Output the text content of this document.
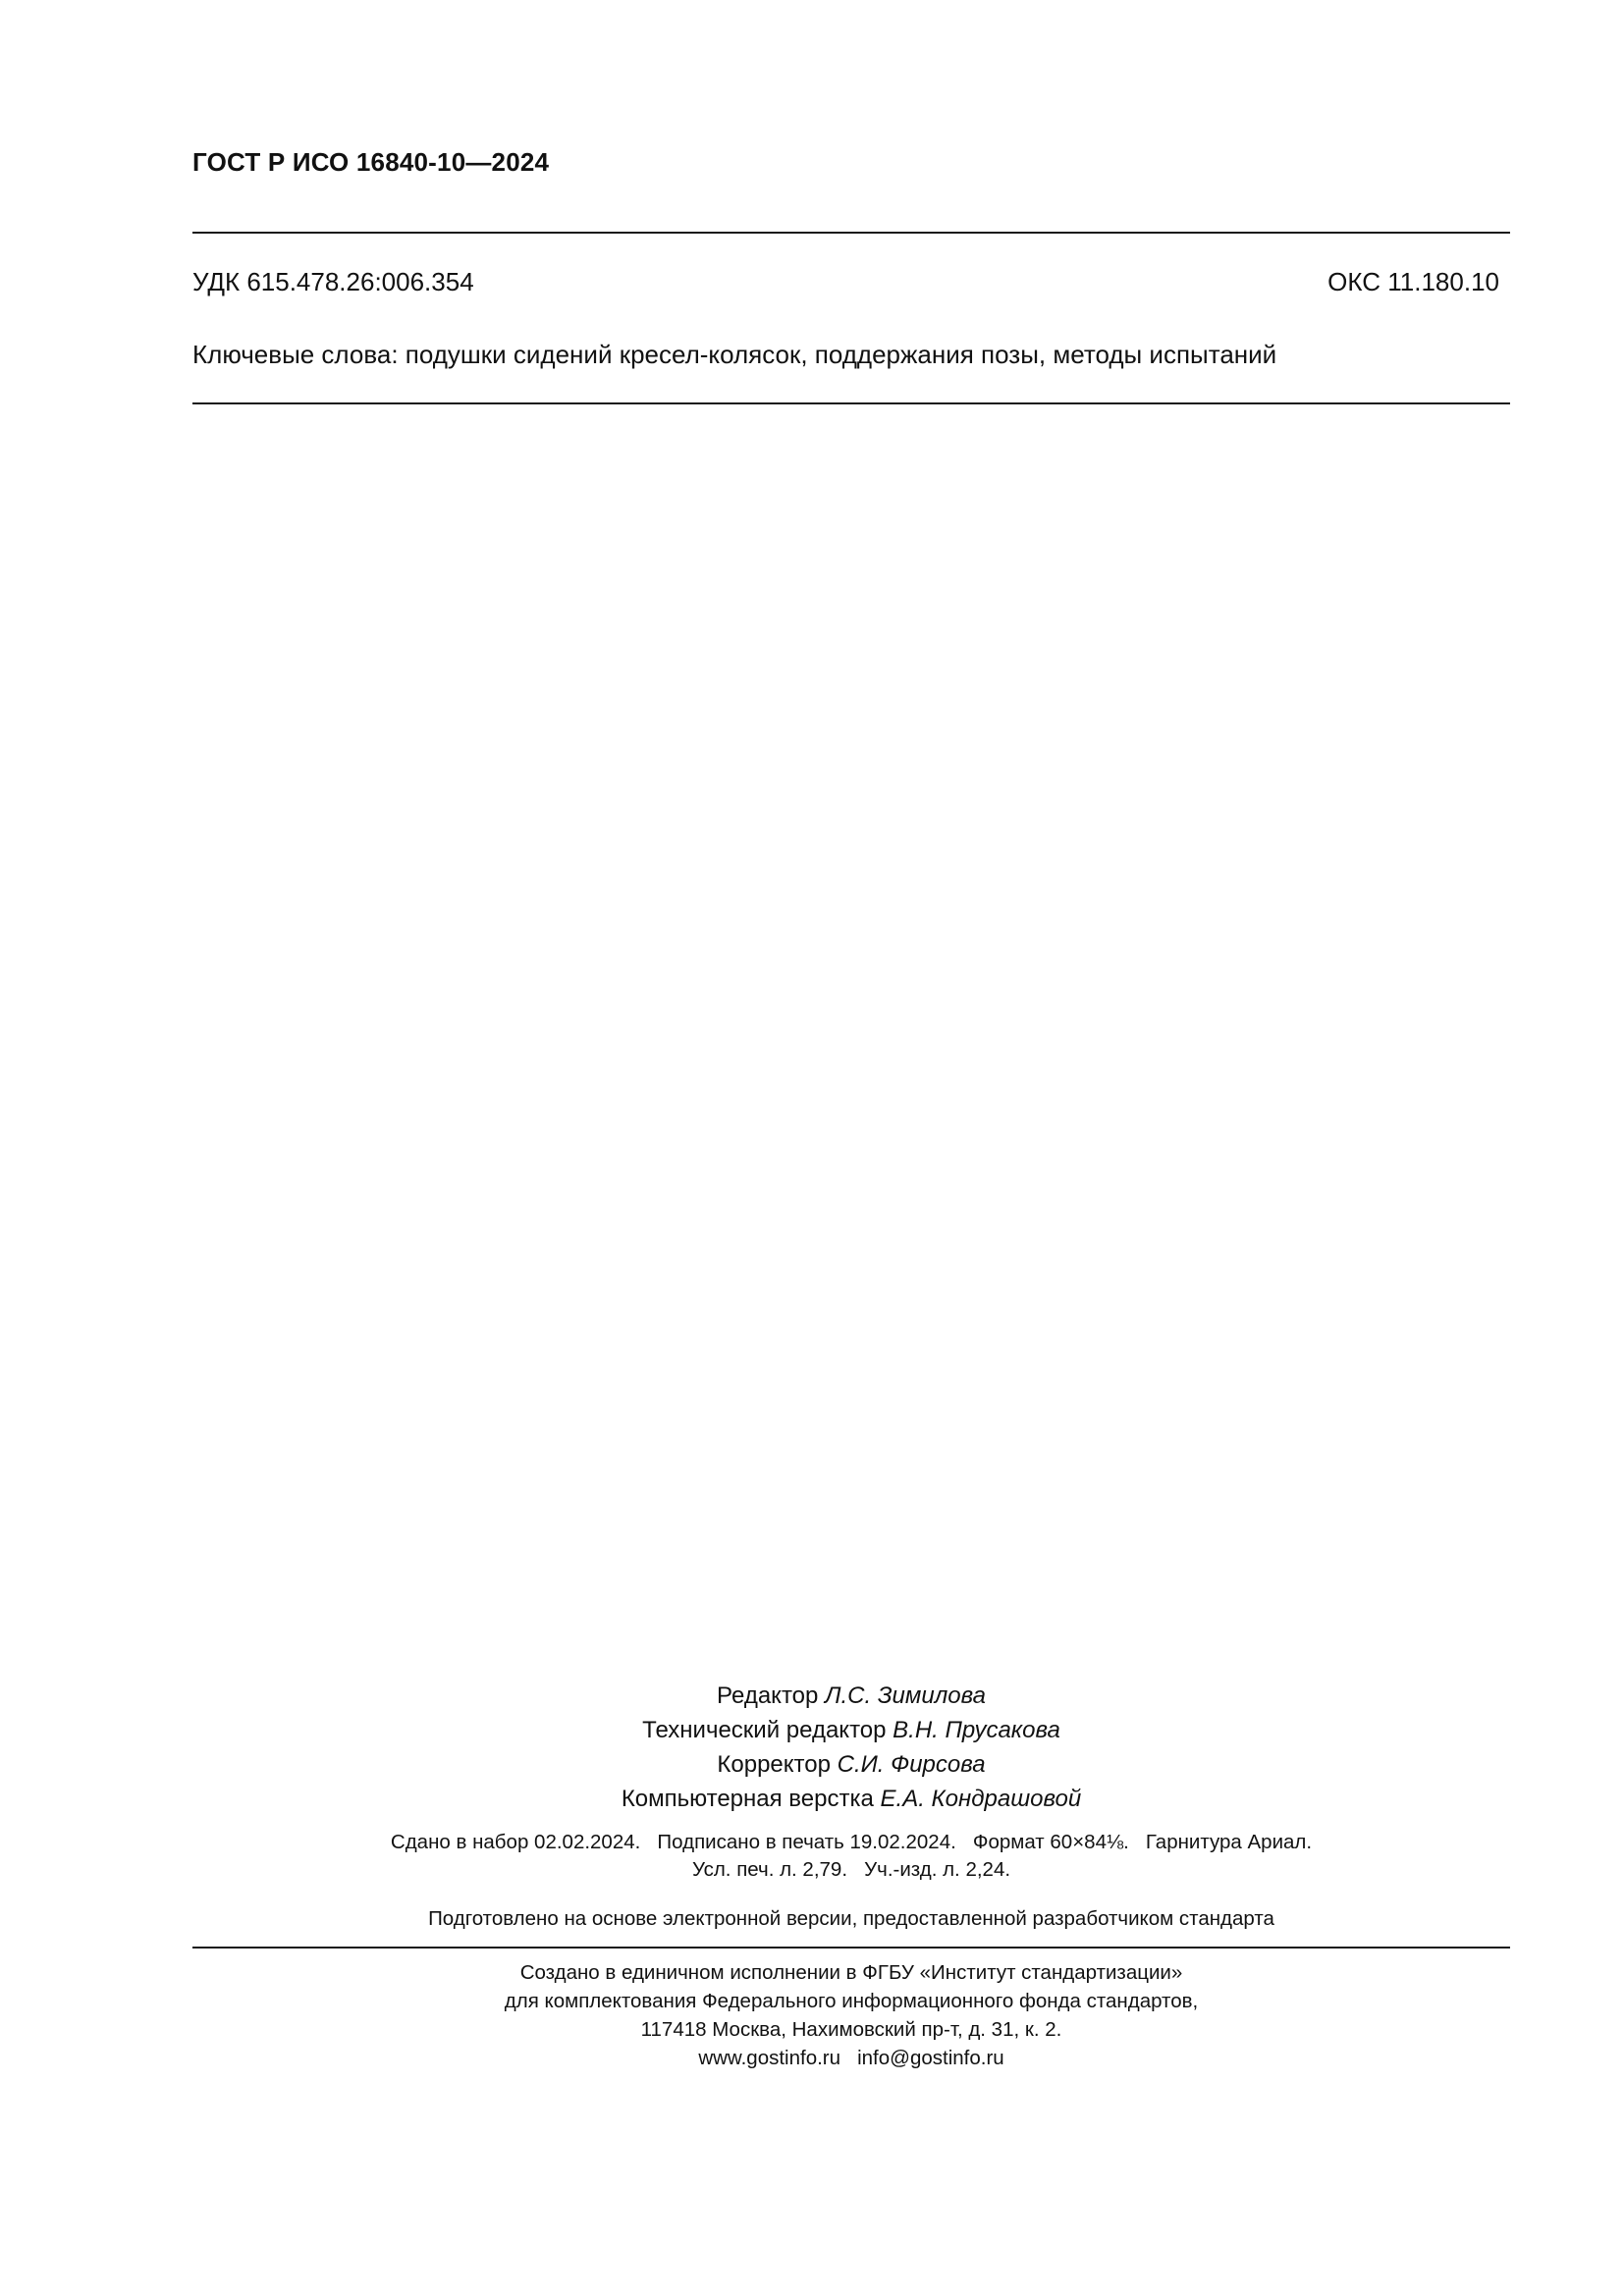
ГОСТ Р ИСО 16840-10—2024
УДК 615.478.26:006.354	ОКС 11.180.10
Ключевые слова: подушки сидений кресел-колясок, поддержания позы, методы испытаний
Редактор Л.С. Зимилова
Технический редактор В.Н. Прусакова
Корректор С.И. Фирсова
Компьютерная верстка Е.А. Кондрашовой
Сдано в набор 02.02.2024.   Подписано в печать 19.02.2024.   Формат 60×84⅛.   Гарнитура Ариал.
Усл. печ. л. 2,79.   Уч.-изд. л. 2,24.
Подготовлено на основе электронной версии, предоставленной разработчиком стандарта
Создано в единичном исполнении в ФГБУ «Институт стандартизации»
для комплектования Федерального информационного фонда стандартов,
117418 Москва, Нахимовский пр-т, д. 31, к. 2.
www.gostinfo.ru   info@gostinfo.ru
